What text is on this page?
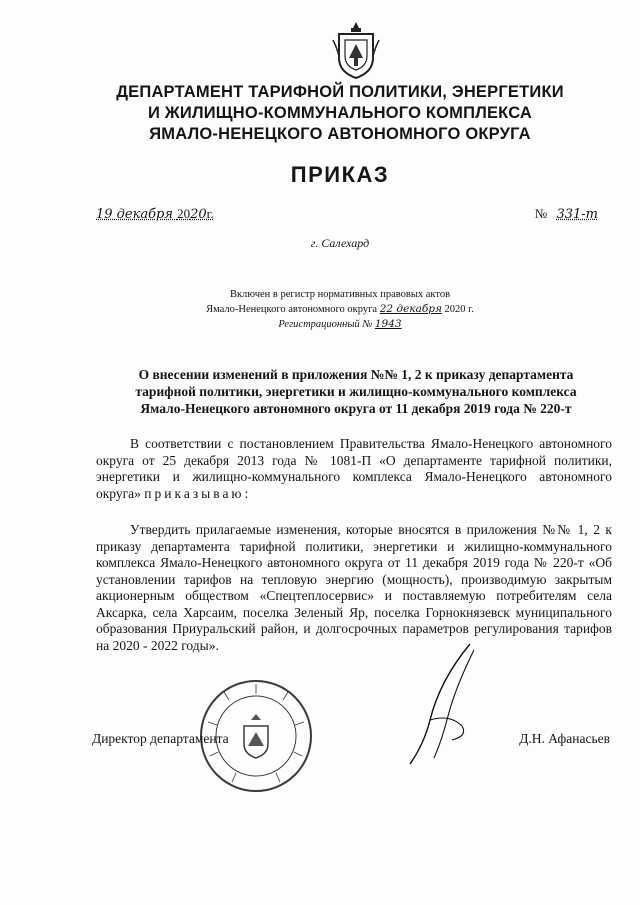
ДЕПАРТАМЕНТ ТАРИФНОЙ ПОЛИТИКИ, ЭНЕРГЕТИКИ
И ЖИЛИЩНО-КОММУНАЛЬНОГО КОМПЛЕКСА
ЯМАЛО-НЕНЕЦКОГО АВТОНОМНОГО ОКРУГА
ПРИКАЗ
19 декабря 2020г.	№ 331-т
г. Салехард
Включен в регистр нормативных правовых актов
Ямало-Ненецкого автономного округа 22 декабря 2020 г.
Регистрационный № 1943
О внесении изменений в приложения №№ 1, 2 к приказу департамента
тарифной политики, энергетики и жилищно-коммунального комплекса
Ямало-Ненецкого автономного округа от 11 декабря 2019 года № 220-т
В соответствии с постановлением Правительства Ямало-Ненецкого автономного округа от 25 декабря 2013 года № 1081-П «О департаменте тарифной политики, энергетики и жилищно-коммунального комплекса Ямало-Ненецкого автономного округа» приказываю:
Утвердить прилагаемые изменения, которые вносятся в приложения №№ 1, 2 к приказу департамента тарифной политики, энергетики и жилищно-коммунального комплекса Ямало-Ненецкого автономного округа от 11 декабря 2019 года № 220-т «Об установлении тарифов на тепловую энергию (мощность), производимую закрытым акционерным обществом «Спецтеплосервис» и поставляемую потребителям села Аксарка, села Харсаим, поселка Зеленый Яр, поселка Горнокнязевск муниципального образования Приуральский район, и долгосрочных параметров регулирования тарифов на 2020 - 2022 годы».
Директор департамента	Д.Н. Афанасьев
